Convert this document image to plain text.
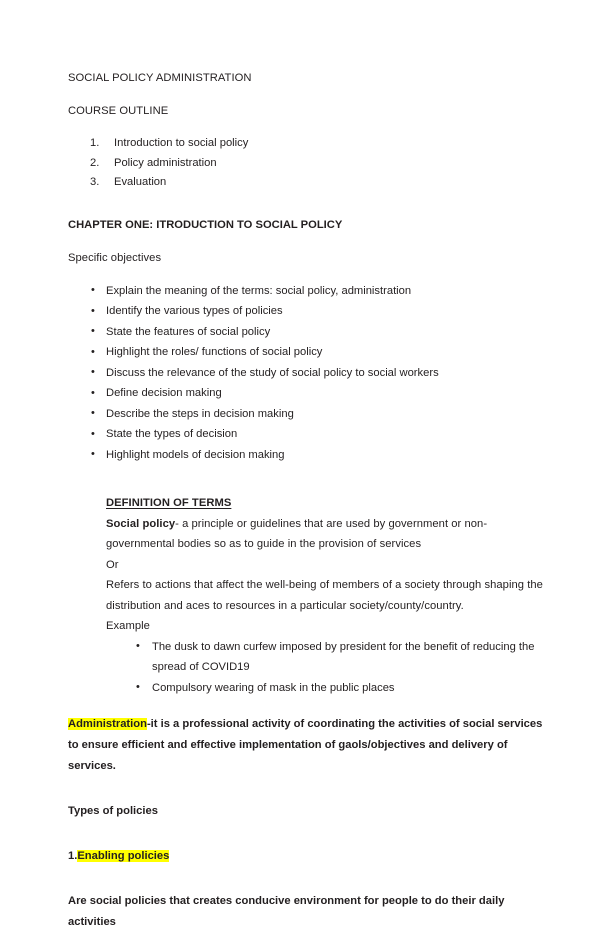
SOCIAL POLICY ADMINISTRATION

COURSE OUTLINE

1. Introduction to social policy
2. Policy administration
3. Evaluation

CHAPTER ONE: ITRODUCTION TO SOCIAL POLICY

Specific objectives

• Explain the meaning of the terms: social policy, administration
• Identify the various types of policies
• State the features of social policy
• Highlight the roles/ functions of social policy
• Discuss the relevance of the study of social policy to social workers
• Define decision making
• Describe the steps in decision making
• State the types of decision
• Highlight models of decision making

DEFINITION OF TERMS

Social policy- a principle or guidelines that are used by government or non-governmental bodies so as to guide in the provision of services

Or

Refers to actions that affect the well-being of members of a society through shaping the distribution and aces to resources in a particular society/county/country.

Example

• The dusk to dawn curfew imposed by president for the benefit of reducing the spread of COVID19
• Compulsory wearing of mask in the public places

Administration-it is a professional activity of coordinating the activities of social services to ensure efficient and effective implementation of gaols/objectives and delivery of services.

Types of policies

1.Enabling policies

Are social policies that creates conducive environment for people to do their daily activities
